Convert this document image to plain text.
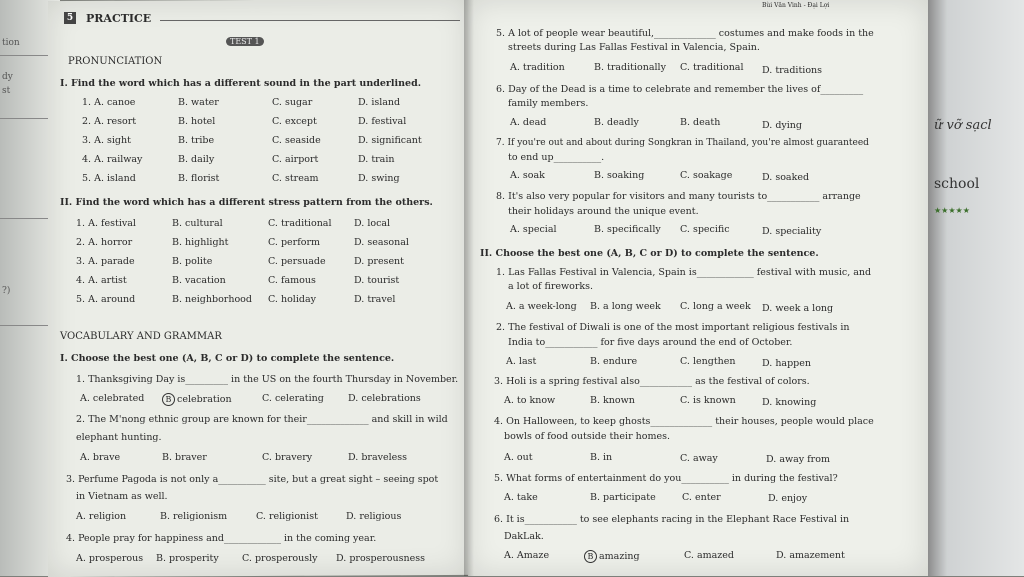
tion
dy
st
?)
5 PRACTICE
TEST 1
Bùi Văn Vinh - Đại Lợi
PRONUNCIATION
I. Find the word which has a different sound in the part underlined.
1. A. canoe	B. water	C. sugar	D. island
2. A. resort	B. hotel	C. except	D. festival
3. A. sight	B. tribe	C. seaside	D. significant
4. A. railway	B. daily	C. airport	D. train
5. A. island	B. florist	C. stream	D. swing
II. Find the word which has a different stress pattern from the others.
1. A. festival	B. cultural	C. traditional D. local
2. A. horror	B. highlight	C. perform	D. seasonal
3. A. parade	B. polite	C. persuade	D. present
4. A. artist	B. vacation	C. famous	D. tourist
5. A. around	B. neighborhood C. holiday	D. travel
VOCABULARY AND GRAMMAR
I. Choose the best one (A, B, C or D) to complete the sentence.
1. Thanksgiving Day is_________ in the US on the fourth Thursday in November.
A. celebrated	B celebration	C. celerating	D. celebrations
2. The M'nong ethnic group are known for their_____________ and skill in wild
elephant hunting.
A. brave	B. braver	C. bravery	D. braveless
3. Perfume Pagoda is not only a__________ site, but a great sight – seeing spot
in Vietnam as well.
A. religion	B. religionism	C. religionist	D. religious
4. People pray for happiness and____________ in the coming year.
A. prosperous B. prosperity C. prosperously D. prosperousness
5. A lot of people wear beautiful,_____________ costumes and make foods in the
streets during Las Fallas Festival in Valencia, Spain.
A. tradition	B. traditionally C. traditional D. traditions
6. Day of the Dead is a time to celebrate and remember the lives of_________
family members.
A. dead	B. deadly	B. death	D. dying
7. If you're out and about during Songkran in Thailand, you're almost guaranteed
to end up__________.
A. soak	B. soaking	C. soakage	D. soaked
8. It's also very popular for visitors and many tourists to___________ arrange
their holidays around the unique event.
A. special	B. specifically C. specific	D. speciality
II. Choose the best one (A, B, C or D) to complete the sentence.
1. Las Fallas Festival in Valencia, Spain is____________ festival with music, and
a lot of fireworks.
A. a week-long B. a long week C. long a week D. week a long
2. The festival of Diwali is one of the most important religious festivals in
India to___________ for five days around the end of October.
A. last	B. endure	C. lengthen	D. happen
3. Holi is a spring festival also___________ as the festival of colors.
A. to know	B. known	C. is known	D. knowing
4. On Halloween, to keep ghosts_____________ their houses, people would place
bowls of food outside their homes.
A. out	B. in	C. away	D. away from
5. What forms of entertainment do you__________ in during the festival?
A. take	B. participate	C. enter	D. enjoy
6. It is___________ to see elephants racing in the Elephant Race Festival in
DakLak.
A. Amaze	B amazing	C. amazed	D. amazement
ữ vỡ sạcl
school
★★★★★
